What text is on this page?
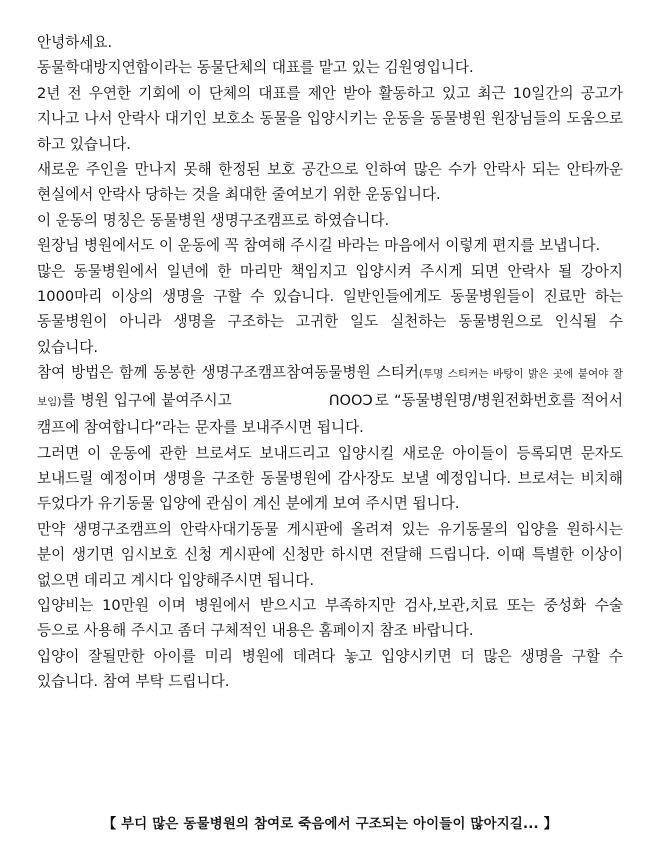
안녕하세요.

동물학대방지연합이라는 동물단체의 대표를 맡고 있는 김원영입니다.

2년 전 우연한 기회에 이 단체의 대표를 제안 받아 활동하고 있고 최근 10일간의 공고가 지나고 나서 안락사 대기인 보호소 동물을 입양시키는 운동을 동물병원 원장님들의 도움으로 하고 있습니다.

새로운 주인을 만나지 못해 한정된 보호 공간으로 인하여 많은 수가 안락사 되는 안타까운 현실에서 안락사 당하는 것을 최대한 줄여보기 위한 운동입니다.

이 운동의 명칭은 동물병원 생명구조캠프로 하였습니다.

원장님 병원에서도 이 운동에 꼭 참여해 주시길 바라는 마음에서 이렇게 편지를 보냅니다.

많은 동물병원에서 일년에 한 마리만 책임지고 입양시켜 주시게 되면 안락사 될 강아지 1000마리 이상의 생명을 구할 수 있습니다. 일반인들에게도 동물병원들이 진료만 하는 동물병원이 아니라 생명을 구조하는 고귀한 일도 실천하는 동물병원으로 인식될 수 있습니다.

참여 방법은 함께 동봉한 생명구조캠프참여동물병원 스티커(투명 스티커는 바탕이 밝은 곳에 붙여야 잘 보임)를 병원 입구에 붙여주시고	ՈՕՕϽ 로 “동물병원명/병원전화번호를 적어서 캠프에 참여합니다”라는 문자를 보내주시면 됩니다.

그러면 이 운동에 관한 브로셔도 보내드리고 입양시킬 새로운 아이들이 등록되면 문자도 보내드릴 예정이며 생명을 구조한 동물병원에 감사장도 보낼 예정입니다. 브로셔는 비치해 두었다가 유기동물 입양에 관심이 계신 분에게 보여 주시면 됩니다.

만약 생명구조캠프의 안락사대기동물 게시판에 올려져 있는 유기동물의 입양을 원하시는 분이 생기면 임시보호 신청 게시판에 신청만 하시면 전달해 드립니다. 이때 특별한 이상이 없으면 데리고 계시다 입양해주시면 됩니다.

입양비는 10만원 이며 병원에서 받으시고 부족하지만 검사,보관,치료 또는 중성화 수술 등으로 사용해 주시고 좀더 구체적인 내용은 홈페이지 참조 바랍니다.

입양이 잘될만한 아이를 미리 병원에 데려다 놓고 입양시키면 더 많은 생명을 구할 수 있습니다. 참여 부탁 드립니다.

【 부디 많은 동물병원의 참여로 죽음에서 구조되는 아이들이 많아지길... 】
